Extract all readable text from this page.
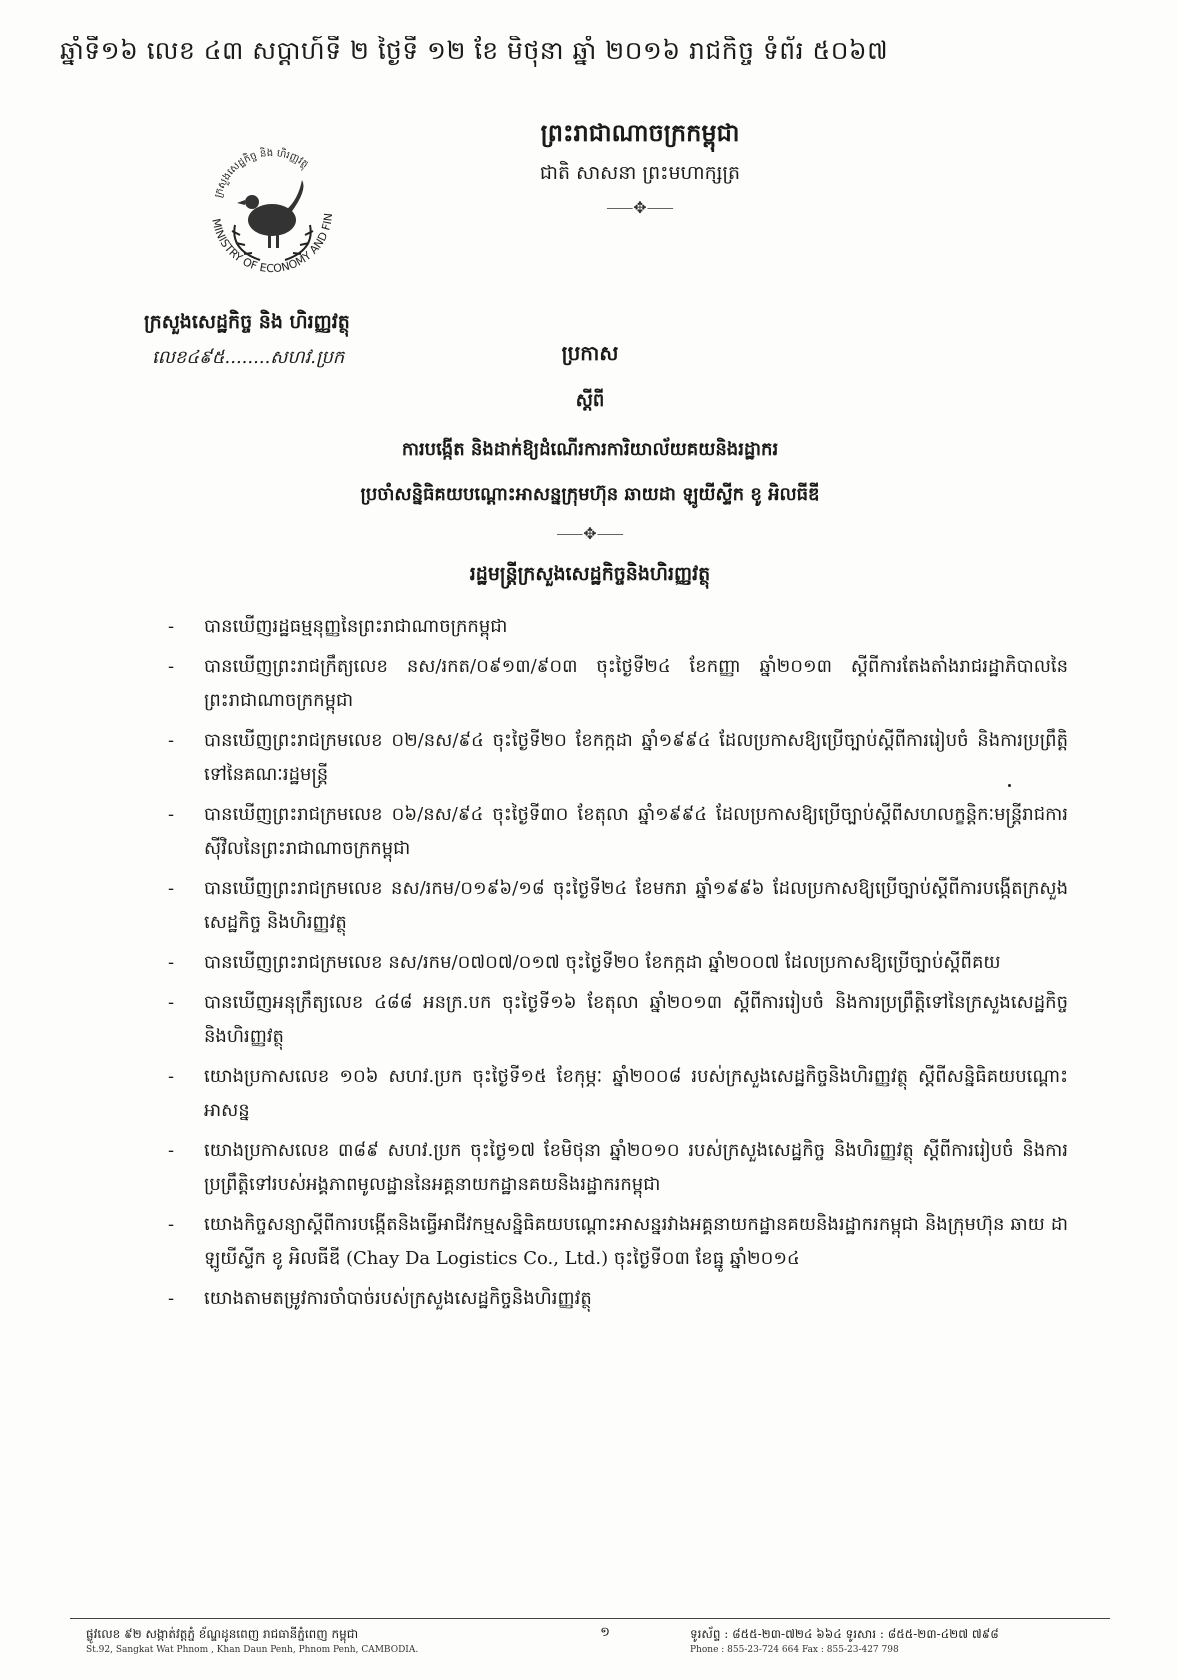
ឆ្នាំទី១៦ លេខ ៤៣ សប្តាហ៍ទី ២ ថ្ងៃទី ១២ ខែ មិថុនា ឆ្នាំ ២០១៦ រាជកិច្ច ទំព័រ ៥០៦៧
MINISTRY OF ECONOMY AND FIN
ក្រសួងសេដ្ឋកិច្ច និង ហិរញ្ញវត្ថុ
ព្រះរាជាណាចក្រកម្ពុជា
ជាតិ សាសនា ព្រះមហាក្សត្រ
⸺✥⸺
ក្រសួងសេដ្ឋកិច្ច និង ហិរញ្ញវត្ថុ
លេខ៤៩៥........សហវ.ប្រក	ប្រកាស
ស្តីពី
ការបង្កើត និងដាក់ឱ្យដំណើរការការិយាល័យគយនិងរដ្ឋាករ
ប្រចាំសន្និធិគយបណ្តោះអាសន្នក្រុមហ៊ុន ឆាយដា ឡូយីស្ទីក ខូ អិលធីឌី
⸺✥⸺
រដ្ឋមន្ត្រីក្រសួងសេដ្ឋកិច្ចនិងហិរញ្ញវត្ថុ
-	បានឃើញរដ្ឋធម្មនុញ្ញនៃព្រះរាជាណាចក្រកម្ពុជា
-	បានឃើញព្រះរាជក្រឹត្យលេខ នស/រកត/០៩១៣/៩០៣ ចុះថ្ងៃទី២៤ ខែកញ្ញា ឆ្នាំ២០១៣ ស្តីពីការតែងតាំងរាជរដ្ឋាភិបាលនៃព្រះរាជាណាចក្រកម្ពុជា
-	បានឃើញព្រះរាជក្រមលេខ ០២/នស/៩៤ ចុះថ្ងៃទី២០ ខែកក្កដា ឆ្នាំ១៩៩៤ ដែលប្រកាសឱ្យប្រើច្បាប់ស្តីពីការរៀបចំ និងការប្រព្រឹត្តិទៅនៃគណៈរដ្ឋមន្ត្រី
-	បានឃើញព្រះរាជក្រមលេខ ០៦/នស/៩៤ ចុះថ្ងៃទី៣០ ខែតុលា ឆ្នាំ១៩៩៤ ដែលប្រកាសឱ្យប្រើច្បាប់ស្តីពីសហលក្ខន្តិកៈមន្ត្រីរាជការស៊ីវិលនៃព្រះរាជាណាចក្រកម្ពុជា
-	បានឃើញព្រះរាជក្រមលេខ នស/រកម/០១៩៦/១៨ ចុះថ្ងៃទី២៤ ខែមករា ឆ្នាំ១៩៩៦ ដែលប្រកាសឱ្យប្រើច្បាប់ស្តីពីការបង្កើតក្រសួងសេដ្ឋកិច្ច និងហិរញ្ញវត្ថុ
-	បានឃើញព្រះរាជក្រមលេខ នស/រកម/០៧០៧/០១៧ ចុះថ្ងៃទី២០ ខែកក្កដា ឆ្នាំ២០០៧ ដែលប្រកាសឱ្យប្រើច្បាប់ស្តីពីគយ
-	បានឃើញអនុក្រឹត្យលេខ ៤៨៨ អនក្រ.បក ចុះថ្ងៃទី១៦ ខែតុលា ឆ្នាំ២០១៣ ស្តីពីការរៀបចំ និងការប្រព្រឹត្តិទៅនៃក្រសួងសេដ្ឋកិច្ចនិងហិរញ្ញវត្ថុ
-	យោងប្រកាសលេខ ១០៦ សហវ.ប្រក ចុះថ្ងៃទី១៥ ខែកុម្ភៈ ឆ្នាំ២០០៨ របស់ក្រសួងសេដ្ឋកិច្ចនិងហិរញ្ញវត្ថុ ស្តីពីសន្និធិគយបណ្តោះអាសន្ន
-	យោងប្រកាសលេខ ៣៨៩ សហវ.ប្រក ចុះថ្ងៃ១៧ ខែមិថុនា ឆ្នាំ២០១០ របស់ក្រសួងសេដ្ឋកិច្ច និងហិរញ្ញវត្ថុ ស្តីពីការរៀបចំ និងការប្រព្រឹត្តិទៅរបស់អង្គភាពមូលដ្ឋាននៃអគ្គនាយកដ្ឋានគយនិងរដ្ឋាករកម្ពុជា
-	យោងកិច្ចសន្យាស្តីពីការបង្កើតនិងធ្វើអាជីវកម្មសន្និធិគយបណ្តោះអាសន្នរវាងអគ្គនាយកដ្ឋានគយនិងរដ្ឋាករកម្ពុជា និងក្រុមហ៊ុន ឆាយ ដា ឡូយីស្ទីក ខូ អិលធីឌី (Chay Da Logistics Co., Ltd.) ចុះថ្ងៃទី០៣ ខែធ្នូ ឆ្នាំ២០១៤
-	យោងតាមតម្រូវការចាំបាច់របស់ក្រសួងសេដ្ឋកិច្ចនិងហិរញ្ញវត្ថុ
ផ្លូវលេខ ៩២ សង្កាត់វត្តភ្នំ ខ័ណ្ឌដូនពេញ រាជធានីភ្នំពេញ កម្ពុជា
St.92, Sangkat Wat Phnom , Khan Daun Penh, Phnom Penh, CAMBODIA.
១	ទូរស័ព្ទ : ៨៥៥-២៣-៧២៤ ៦៦៤ ទូរសារ : ៨៥៥-២៣-៤២៧ ៧៩៨
Phone : 855-23-724 664 Fax : 855-23-427 798
